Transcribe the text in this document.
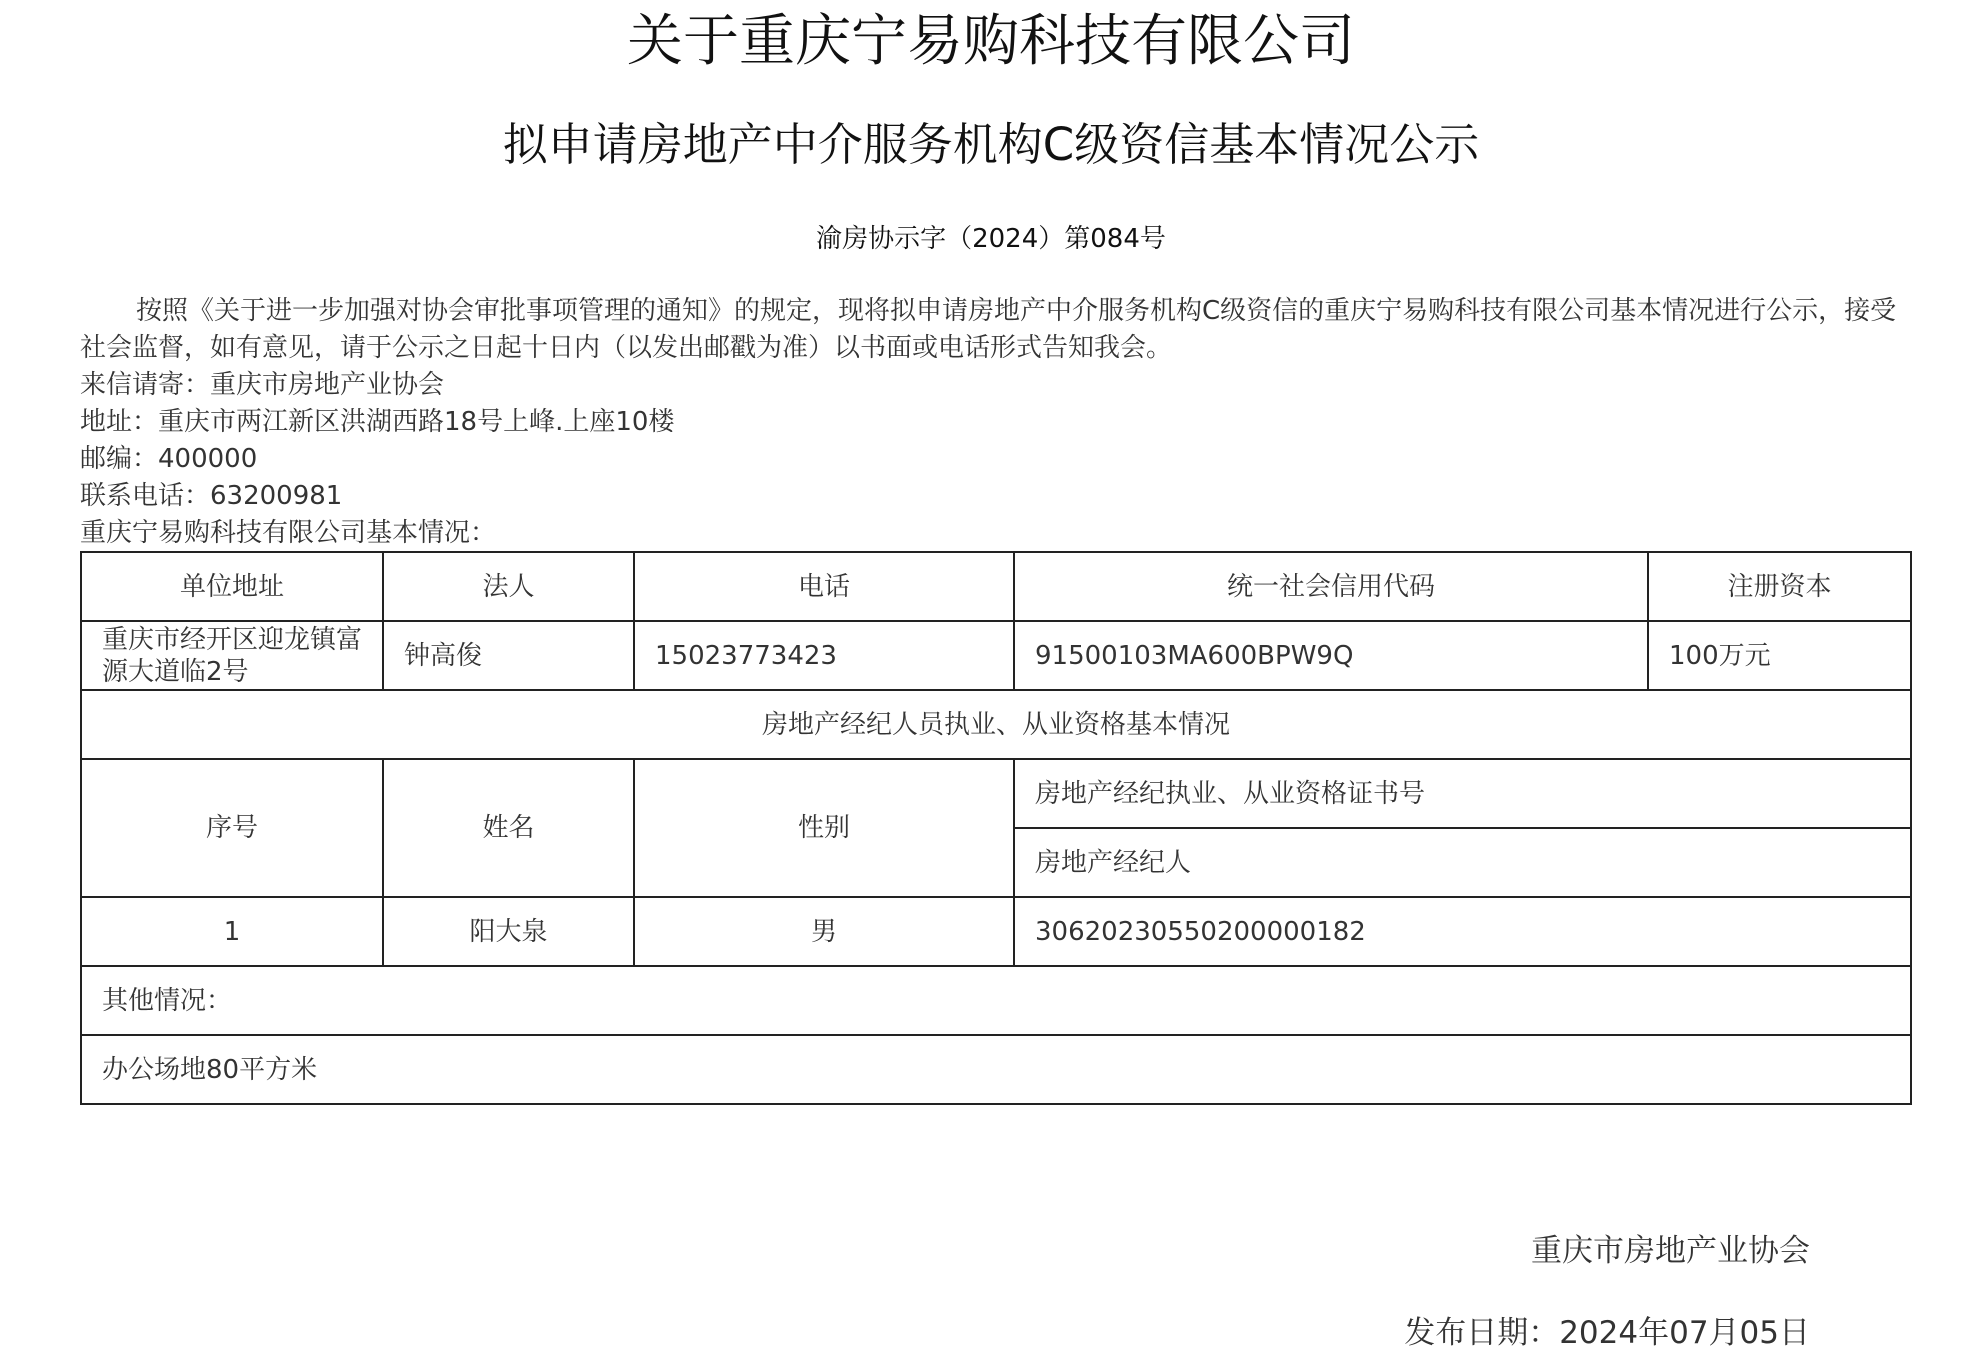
关于重庆宁易购科技有限公司
拟申请房地产中介服务机构C级资信基本情况公示
渝房协示字（2024）第084号
按照《关于进一步加强对协会审批事项管理的通知》的规定，现将拟申请房地产中介服务机构C级资信的重庆宁易购科技有限公司基本情况进行公示，接受社会监督，如有意见，请于公示之日起十日内（以发出邮戳为准）以书面或电话形式告知我会。
来信请寄：重庆市房地产业协会
地址：重庆市两江新区洪湖西路18号上峰.上座10楼
邮编：400000
联系电话：63200981
重庆宁易购科技有限公司基本情况：
单位地址	法人	电话	统一社会信用代码	注册资本
重庆市经开区迎龙镇富源大道临2号	钟高俊	15023773423	91500103MA600BPW9Q	100万元
房地产经纪人员执业、从业资格基本情况				
序号	姓名	性别	房地产经纪执业、从业资格证书号	
			房地产经纪人	
1	阳大泉	男	30620230550200000182	
其他情况：				
办公场地80平方米				
重庆市房地产业协会
发布日期：2024年07月05日
